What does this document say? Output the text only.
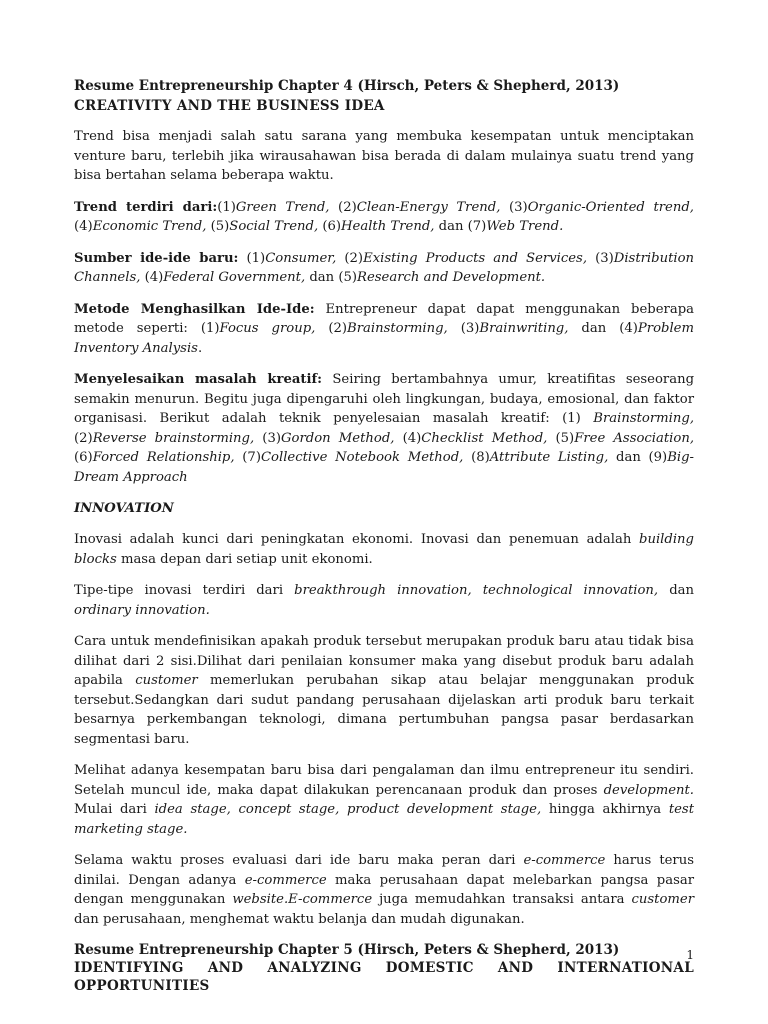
Resume Entrepreneurship Chapter 4 (Hirsch, Peters & Shepherd, 2013)
CREATIVITY AND THE BUSINESS IDEA

Trend bisa menjadi salah satu sarana yang membuka kesempatan untuk menciptakan venture baru, terlebih jika wirausahawan bisa berada di dalam mulainya suatu trend yang bisa bertahan selama beberapa waktu.

Trend terdiri dari:(1)Green Trend, (2)Clean-Energy Trend, (3)Organic-Oriented trend, (4)Economic Trend, (5)Social Trend, (6)Health Trend, dan (7)Web Trend.

Sumber ide-ide baru: (1)Consumer, (2)Existing Products and Services, (3)Distribution Channels, (4)Federal Government, dan (5)Research and Development.

Metode Menghasilkan Ide-Ide: Entrepreneur dapat dapat menggunakan beberapa metode seperti: (1)Focus group, (2)Brainstorming, (3)Brainwriting, dan (4)Problem Inventory Analysis.

Menyelesaikan masalah kreatif: Seiring bertambahnya umur, kreatifitas seseorang semakin menurun. Begitu juga dipengaruhi oleh lingkungan, budaya, emosional, dan faktor organisasi. Berikut adalah teknik penyelesaian masalah kreatif: (1) Brainstorming, (2)Reverse brainstorming, (3)Gordon Method, (4)Checklist Method, (5)Free Association, (6)Forced Relationship, (7)Collective Notebook Method, (8)Attribute Listing, dan (9)Big-Dream Approach

INNOVATION

Inovasi adalah kunci dari peningkatan ekonomi. Inovasi dan penemuan adalah building blocks masa depan dari setiap unit ekonomi.

Tipe-tipe inovasi terdiri dari breakthrough innovation, technological innovation, dan ordinary innovation.

Cara untuk mendefinisikan apakah produk tersebut merupakan produk baru atau tidak bisa dilihat dari 2 sisi.Dilihat dari penilaian konsumer maka yang disebut produk baru adalah apabila customer memerlukan perubahan sikap atau belajar menggunakan produk tersebut.Sedangkan dari sudut pandang perusahaan dijelaskan arti produk baru terkait besarnya perkembangan teknologi, dimana pertumbuhan pangsa pasar berdasarkan segmentasi baru.

Melihat adanya kesempatan baru bisa dari pengalaman dan ilmu entrepreneur itu sendiri. Setelah muncul ide, maka dapat dilakukan perencanaan produk dan proses development. Mulai dari idea stage, concept stage, product development stage, hingga akhirnya test marketing stage.

Selama waktu proses evaluasi dari ide baru maka peran dari e-commerce harus terus dinilai. Dengan adanya e-commerce maka perusahaan dapat melebarkan pangsa pasar dengan menggunakan website.E-commerce juga memudahkan transaksi antara customer dan perusahaan, menghemat waktu belanja dan mudah digunakan.

Resume Entrepreneurship Chapter 5 (Hirsch, Peters & Shepherd, 2013)
IDENTIFYING AND ANALYZING DOMESTIC AND INTERNATIONAL
OPPORTUNITIES
1
